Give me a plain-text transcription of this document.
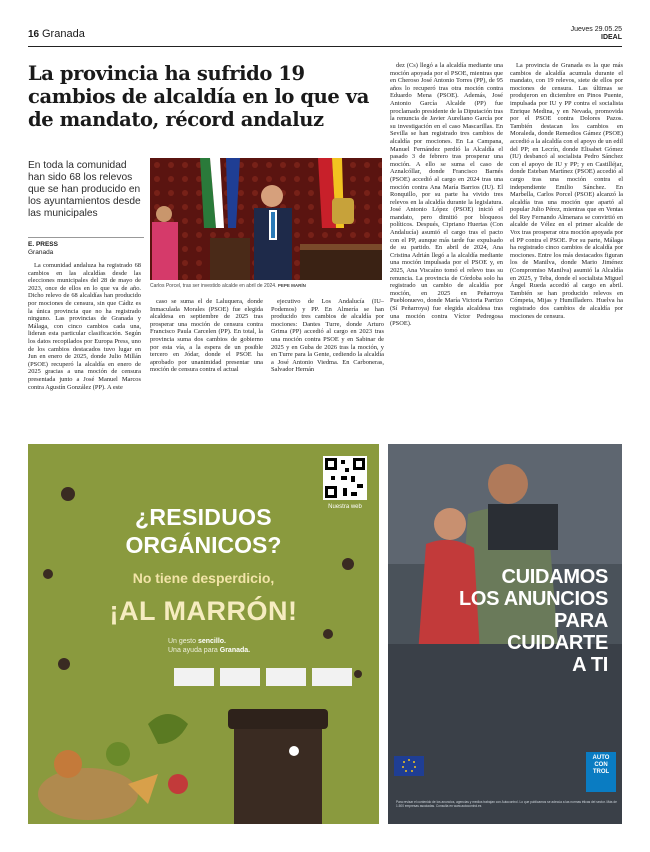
16 Granada	Jueves 29.05.25
IDEAL
La provincia ha sufrido 19 cambios de alcaldía en lo que va de mandato, récord andaluz
En toda la comunidad han sido 68 los relevos que se han producido en los ayuntamientos desde las municipales
E. PRESS
Granada
Carlos Porcel, tras ser investido alcalde en abril de 2024. PEPE MARÍN

La comunidad andaluza ha registrado 68 cambios en las alcaldías desde las elecciones municipales del 28 de mayo de 2023, once de ellos en lo que va de año. Dicho relevo de 68 alcaldías han producido por mociones de censura, sin que Cádiz es la única provincia que no ha registrado ninguno. Las provincias de Granada y Málaga, con cinco cambios cada una, lideran esta particular clasificación. Según los datos recopilados por Europa Press, uno de los cambios destacados tuvo lugar en Jun en enero de 2025, donde Julio Millán (PSOE) recuperó la alcaldía en enero de 2025 gracias a una moción de censura presentada junto a José Manuel Marcos contra Agustín González (PP). A este

caso se suma el de Laluquera, donde Inmaculada Morales (PSOE) fue elegida alcaldesa en septiembre de 2025 tras prosperar una moción de censura contra Francisco Paula Carcelen (PP). En total, la provincia suma dos cambios de gobierno por esta vía, a la espera de un posible tercero en Jódar, donde el PSOE ha aprobado por unanimidad presentar una moción de censura contra el actual

ejecutivo de Los Andalucía (IU–Podemos) y PP. En Almería se han producido tres cambios de alcaldía por mociones: Dantes Turre, donde Arturo Grima (PP) accedió al cargo en 2023 tras una moción contra PSOE y en Sabinar de 2025 y en Guba de 2026 tras la moción, y en Turre para la Gente, cediendo la alcaldía a José Antonio Viedma. En Carboneras, Salvador Hernán

dez (Cs) llegó a la alcaldía mediante una moción apoyada por el PSOE, mientras que en Cheroso José Antonio Torres (PP), de 95 años lo recuperó tras otra moción contra Eduardo Mena (PSOE). Además, José Antonio García Alcalde (PP) fue proclamado presidente de la Diputación tras la renuncia de Javier Aureliano García por su investigación en el caso Mascarillas. En Sevilla se han registrado tres cambios de alcaldía por mociones. En La Campana, Manuel Fernández perdió la Alcaldía el pasado 3 de febrero tras prosperar una moción. A ello se suma el caso de Aznalcóllar, donde Francisco Barnés (PSOE) accedió al cargo en 2024 tras una moción contra Ana María Barrios (IU). El Ronquillo, por su parte ha vivido tres relevos en la alcaldía durante la legislatura. José Antonio López (PSOE) inició el mandato, pero dimitió por bloqueos políticos. Después, Cipriano Huertas (Con Andalucía) asumió el cargo tras el pacto con el PP, aunque más tarde fue expulsado de su partido. En abril de 2024, Ana Cristina Adrián llegó a la alcaldía mediante una moción impulsada por el PSOE y, en 2025, Ana Viscaíno tomó el relevo tras su renuncia. La provincia de Córdoba solo ha registrado un cambio de alcaldía por moción, en 2025 en Peñarroya Pueblonuevo, donde María Victoria Parrizo (Sí Peñarroya) fue elegida alcaldesa tras una moción contra Víctor Pedregosa (PSOE).

La provincia de Granada es la que más cambios de alcaldía acumula durante el mandato, con 19 relevos, siete de ellos por mociones de censura. Las últimas se produjeron en diciembre en Pinos Puente, impulsada por IU y PP contra el socialista Enrique Medina, y en Nevada, promovida por el PSOE contra Dolores Pazos. También destacan los cambios en Moraleda, donde Remedios Gámez (PSOE) accedió a la alcaldía con el apoyo de un edil del PP; en Lecrín, donde Elisabet Gómez (IU) desbancó al socialista Pedro Sánchez con el apoyo de IU y PP; y en Castilléjar, donde Esteban Martínez (PSOE) accedió al cargo tras una moción contra el independiente Emilio Sánchez. En Marbella, Carlos Porcel (PSOE) alcanzó la alcaldía tras una moción que apartó al popular Julio Pérez, mientras que en Ventas del Rey Fernando Almenara se convirtió en alcalde de Vélez en el primer alcalde de Vox tras prosperar otra moción apoyada por el PP contra el PSOE. Por su parte, Málaga ha registrado cinco cambios de alcaldía por mociones. Entre los más destacados figuran los de Manilva, donde Mario Jiménez (Compromiso Manilva) asumió la Alcaldía en 2025, y Teba, donde el socialista Miguel Ángel Rueda accedió al cargo en abril. También se han producido relevos en Cómpeta, Mijas y Humilladero. Huelva ha registrado dos cambios de alcaldía por mociones de censura.

¿RESIDUOS
ORGÁNICOS?
No tiene desperdicio,
¡AL MARRÓN!
Un gesto sencillo.
Una ayuda para Granada.
Nuestra web
CUIDAMOS
LOS ANUNCIOS
PARA
CUIDARTE
A TI
AUTO
CON
TROL
Para revisar el contenido de los anuncios, agencias y medios trabajan con Autocontrol. Lo que publicamos se adecúa a las normas éticas del sector. Más de 1.500 empresas asociadas. Consulta en www.autocontrol.es
